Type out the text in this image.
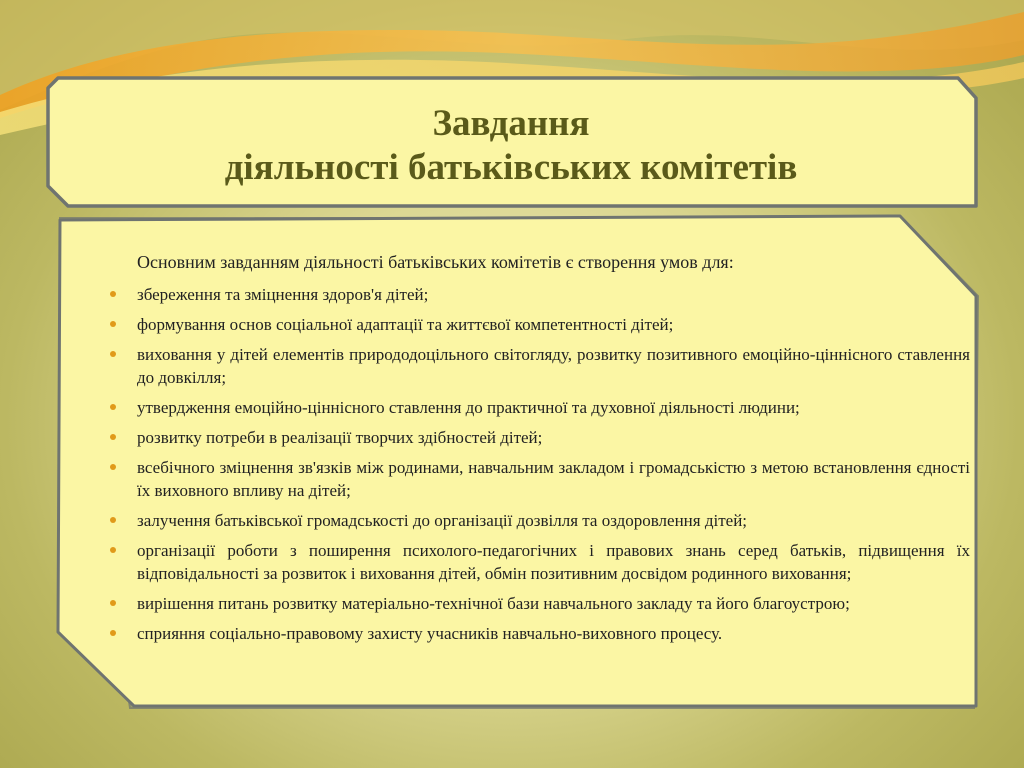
Завдання
діяльності батьківських комітетів

Основним завданням діяльності батьківських комітетів є створення умов для:

збереження та зміцнення здоров'я дітей;
формування основ соціальної адаптації та життєвої компетентності дітей;
виховання у дітей елементів природодоцільного світогляду, розвитку позитивного емоційно-ціннісного ставлення до довкілля;
утвердження емоційно-ціннісного ставлення до практичної та духовної діяльності людини;
розвитку потреби в реалізації творчих здібностей дітей;
всебічного зміцнення зв'язків між родинами, навчальним закладом і громадськістю з метою встановлення єдності їх виховного впливу на дітей;
залучення батьківської громадськості до організації дозвілля та оздоровлення дітей;
організації роботи з поширення психолого-педагогічних і правових знань серед батьків, підвищення їх відповідальності за розвиток і виховання дітей, обмін позитивним досвідом родинного виховання;
вирішення питань розвитку матеріально-технічної бази навчального закладу та його благоустрою;
сприяння соціально-правовому захисту учасників навчально-виховного процесу.
